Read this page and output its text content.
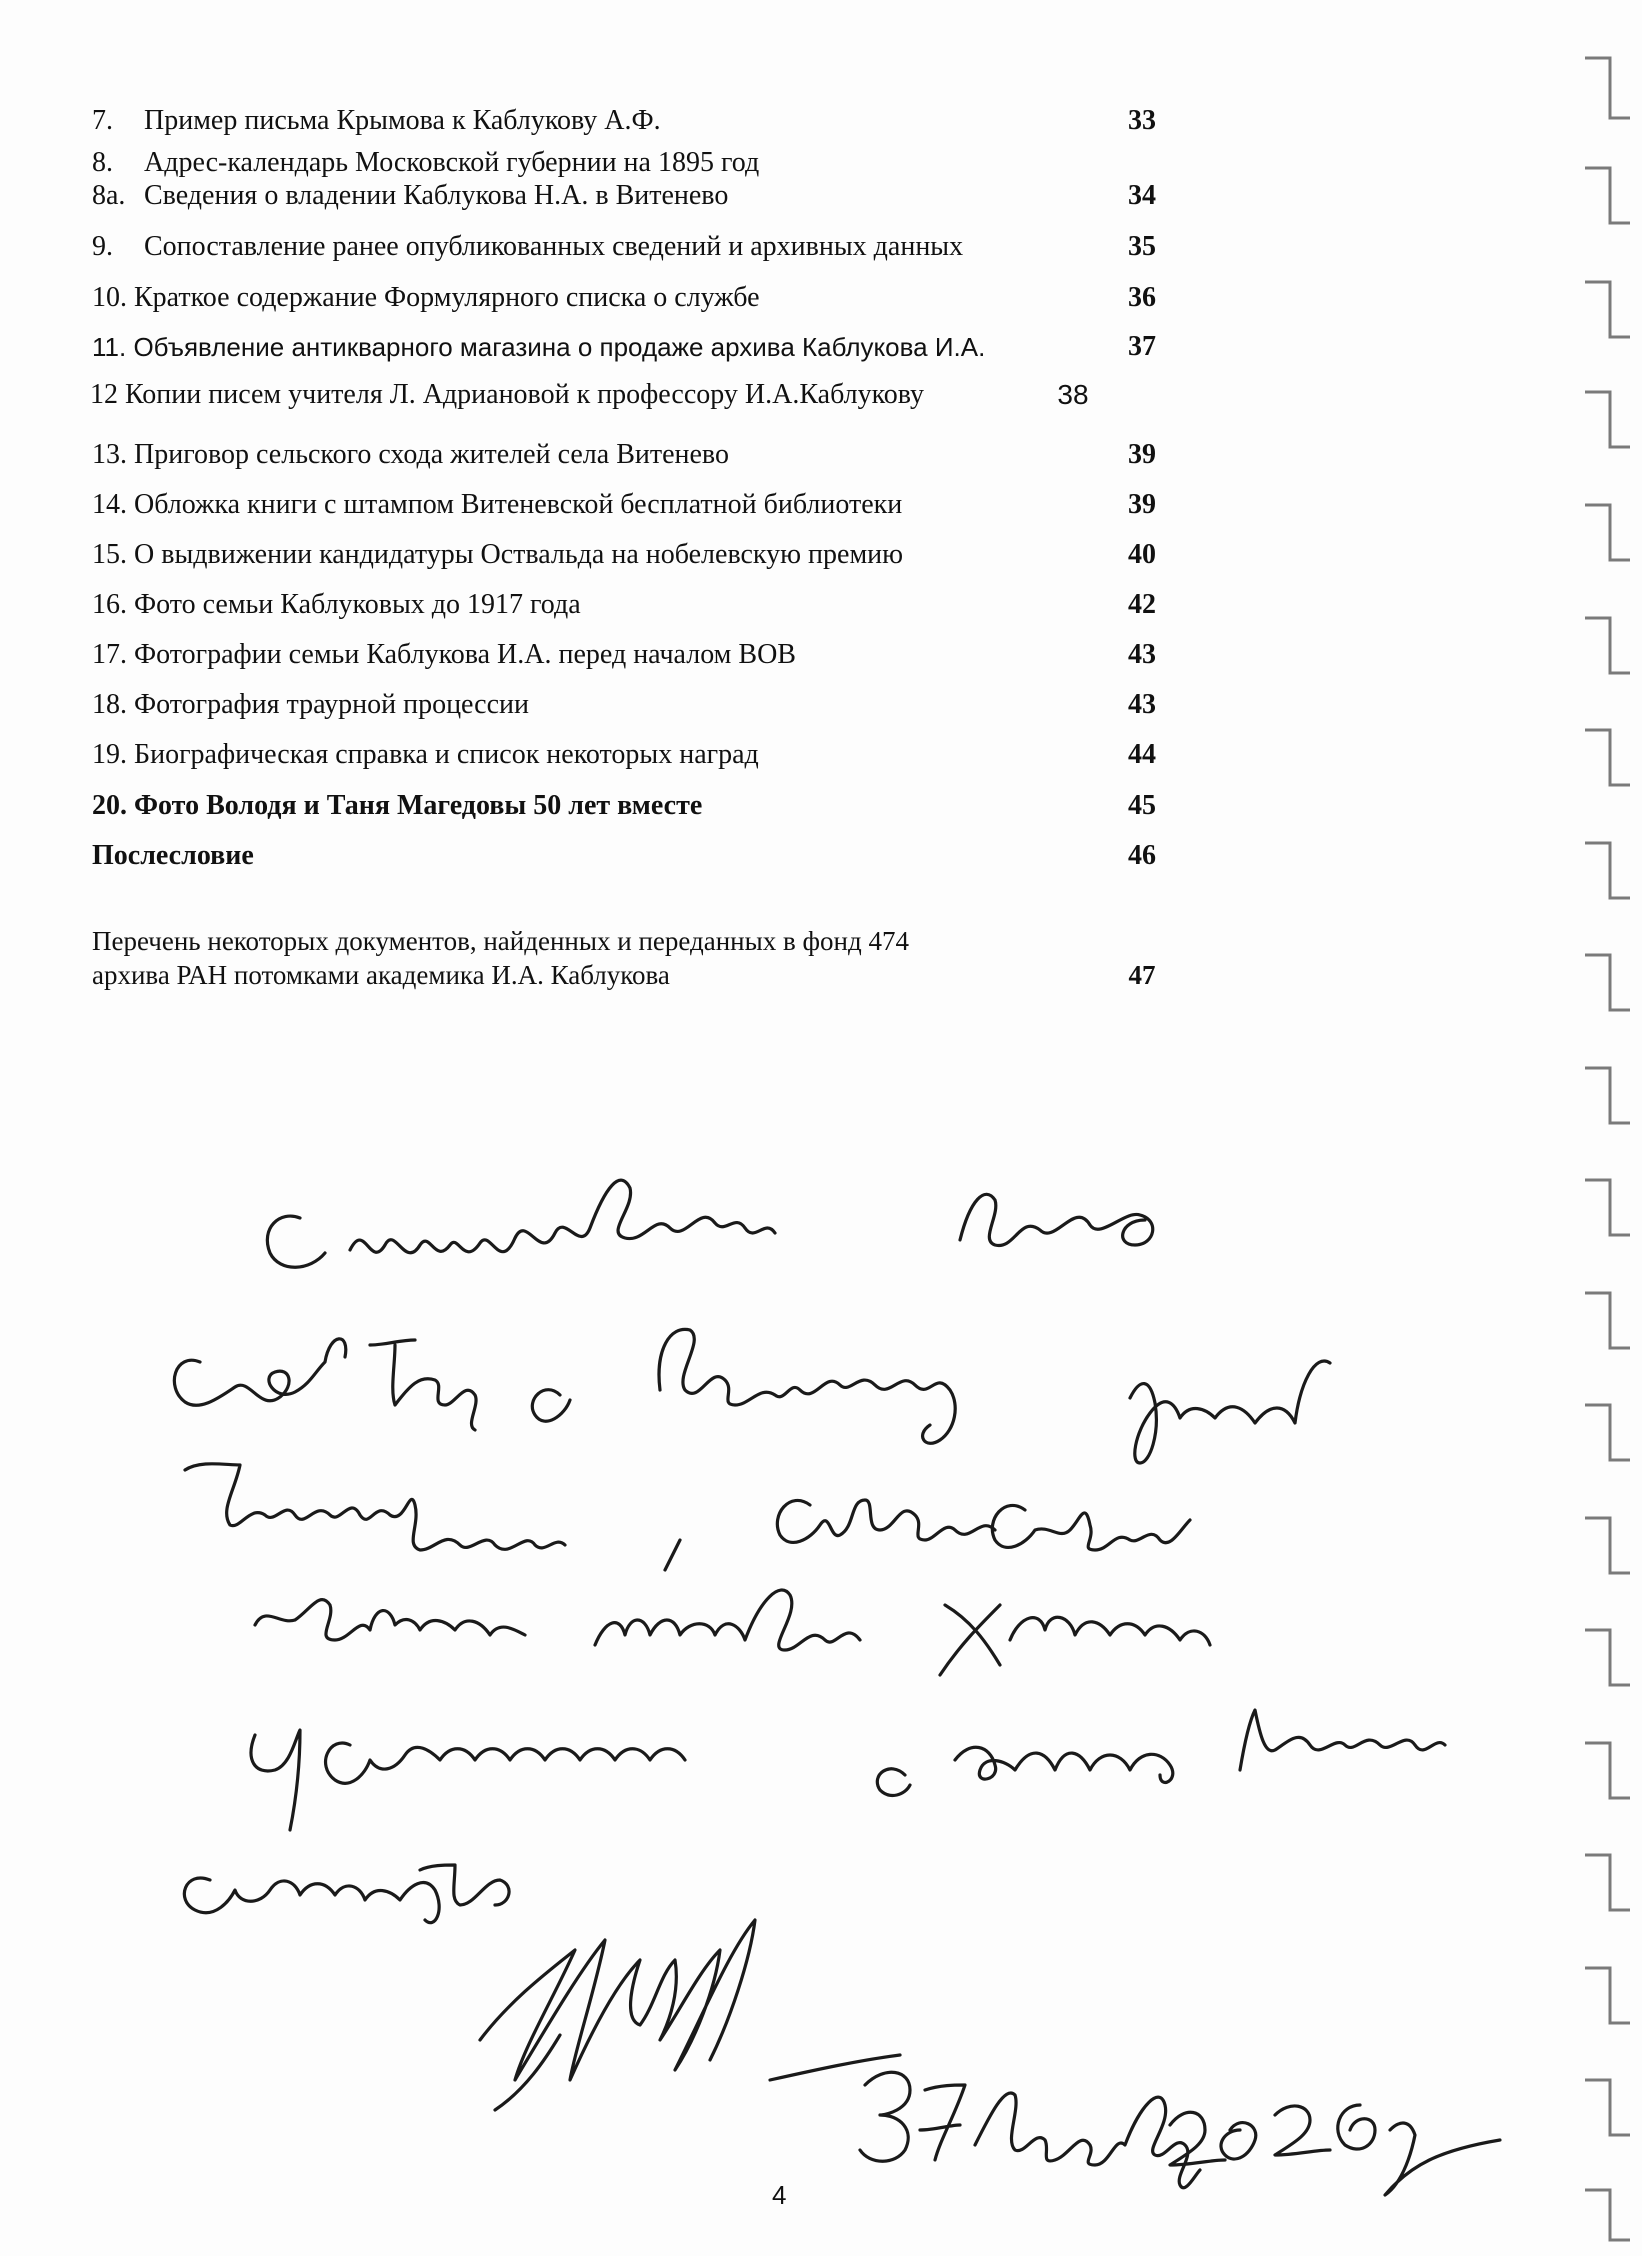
7. Пример письма Крымова к Каблукову А.Ф.	33
8. Адрес-календарь Московской губернии на 1895 год
8а. Сведения о владении Каблукова Н.А. в Витенево	34
9. Сопоставление ранее опубликованных сведений и архивных данных	35
10. Краткое содержание Формулярного списка о службе	36
11. Объявление антикварного магазина о продаже архива Каблукова И.А.	37
12 Копии писем учителя Л. Адриановой к профессору И.А.Каблукову	38
13. Приговор сельского схода жителей села Витенево	39
14. Обложка книги с штампом Витеневской бесплатной библиотеки	39
15. О выдвижении кандидатуры Оствальда на нобелевскую премию	40
16. Фото семьи Каблуковых до 1917 года	42
17. Фотографии семьи Каблукова И.А. перед началом ВОВ	43
18. Фотография траурной процессии	43
19. Биографическая справка и список некоторых наград	44
20. Фото Володя и Таня Магедовы 50 лет вместе	45
Послесловие	46
Перечень некоторых документов, найденных и переданных в фонд 474
архива РАН потомками академика И.А. Каблукова	47
4
